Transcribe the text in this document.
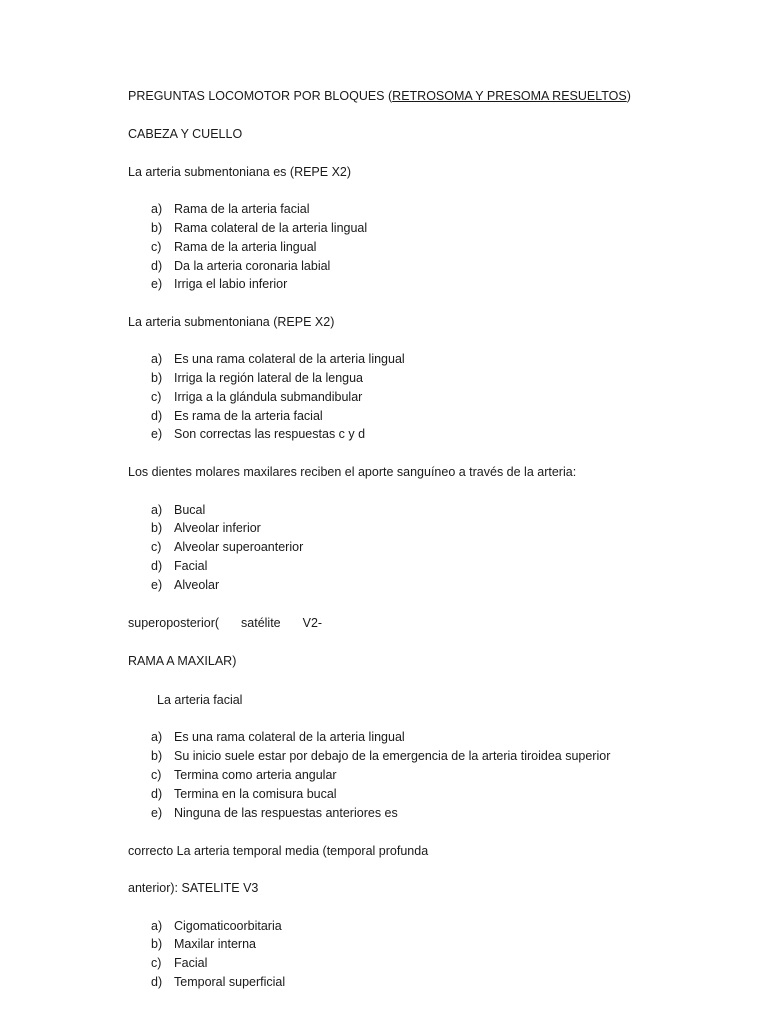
PREGUNTAS LOCOMOTOR POR BLOQUES (RETROSOMA Y PRESOMA RESUELTOS)
CABEZA Y CUELLO
La arteria submentoniana es (REPE X2)
a) Rama de la arteria facial
b) Rama colateral de la arteria lingual
c) Rama de la arteria lingual
d) Da la arteria coronaria labial
e) Irriga el labio inferior
La arteria submentoniana (REPE X2)
a) Es una rama colateral de la arteria lingual
b) Irriga la región lateral de la lengua
c) Irriga a la glándula submandibular
d) Es rama de la arteria facial
e) Son correctas las respuestas c y d
Los dientes molares maxilares reciben el aporte sanguíneo a través de la arteria:
a) Bucal
b) Alveolar inferior
c) Alveolar superoanterior
d) Facial
e) Alveolar
superoposterior( satélite V2-
RAMA A MAXILAR)
La arteria facial
a) Es una rama colateral de la arteria lingual
b) Su inicio suele estar por debajo de la emergencia de la arteria tiroidea superior
c) Termina como arteria angular
d) Termina en la comisura bucal
e) Ninguna de las respuestas anteriores es
correcto La arteria temporal media (temporal profunda
anterior): SATELITE V3
a) Cigomaticoorbitaria
b) Maxilar interna
c) Facial
d) Temporal superficial
